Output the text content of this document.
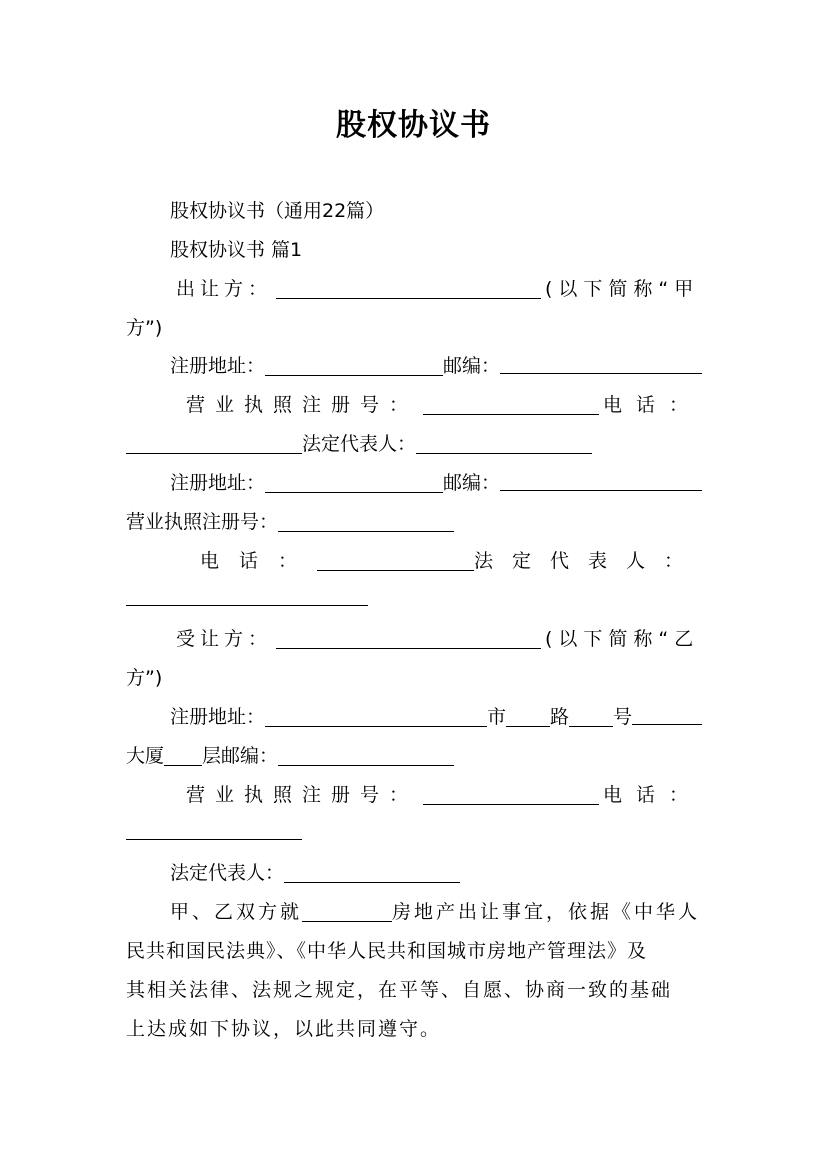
股权协议书
股权协议书（通用22篇）
股权协议书 篇1
出让方：	(以下简称“甲
方”)
注册地址：	邮编：
营业执照注册号：	电话：
法定代表人：
注册地址：	邮编：
营业执照注册号：
电话：	法定代表人：
受让方：	(以下简称“乙
方”)
注册地址：	市 路 号
大厦 层邮编：
营业执照注册号：	电话：
法定代表人：
甲、乙双方就	房地产出让事宜，依据《中华人
民共和国民法典》、《中华人民共和国城市房地产管理法》及
其相关法律、法规之规定，在平等、自愿、协商一致的基础
上达成如下协议，以此共同遵守。
